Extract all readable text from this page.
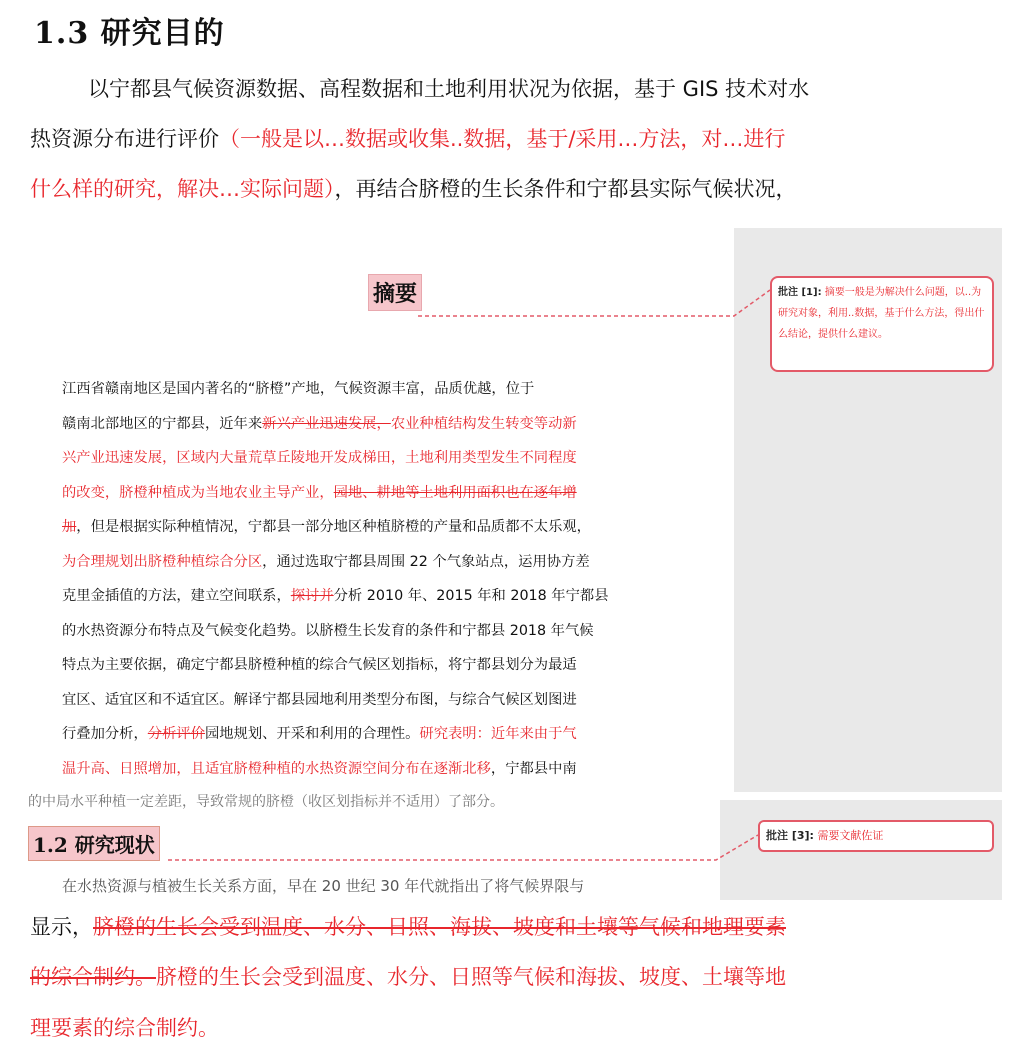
1.3 研究目的
以宁都县气候资源数据、高程数据和土地利用状况为依据，基于 GIS 技术对水
热资源分布进行评价（一般是以…数据或收集..数据，基于/采用…方法，对…进行
什么样的研究，解决…实际问题），再结合脐橙的生长条件和宁都县实际气候状况，
摘要	批注 [1]: 摘要一般是为解决什么问题，以..为研究对象，利用..数据，基于什么方法，得出什么结论，提供什么建议。
江西省赣南地区是国内著名的“脐橙”产地，气候资源丰富，品质优越，位于
赣南北部地区的宁都县，近年来新兴产业迅速发展，农业种植结构发生转变等动新
兴产业迅速发展，区域内大量荒草丘陵地开发成梯田，土地利用类型发生不同程度
的改变，脐橙种植成为当地农业主导产业，园地、耕地等土地利用面积也在逐年增
加，但是根据实际种植情况，宁都县一部分地区种植脐橙的产量和品质都不太乐观，
为合理规划出脐橙种植综合分区，通过选取宁都县周围 22 个气象站点，运用协方差
克里金插值的方法，建立空间联系，探讨并分析 2010 年、2015 年和 2018 年宁都县
的水热资源分布特点及气候变化趋势。以脐橙生长发育的条件和宁都县 2018 年气候
特点为主要依据，确定宁都县脐橙种植的综合气候区划指标，将宁都县划分为最适
宜区、适宜区和不适宜区。解译宁都县园地利用类型分布图，与综合气候区划图进
行叠加分析，分析评价园地规划、开采和利用的合理性。研究表明：近年来由于气
温升高、日照增加，且适宜脐橙种植的水热资源空间分布在逐渐北移，宁都县中南
的中局水平种植一定差距，导致常规的脐橙（收区划指标并不适用）了部分。
批注 [3]: 需要文献佐证
1.2 研究现状
在水热资源与植被生长关系方面，早在 20 世纪 30 年代就指出了将气候界限与
显示，脐橙的生长会受到温度、水分、日照、海拔、坡度和土壤等气候和地理要素
的综合制约。脐橙的生长会受到温度、水分、日照等气候和海拔、坡度、土壤等地
理要素的综合制约。
